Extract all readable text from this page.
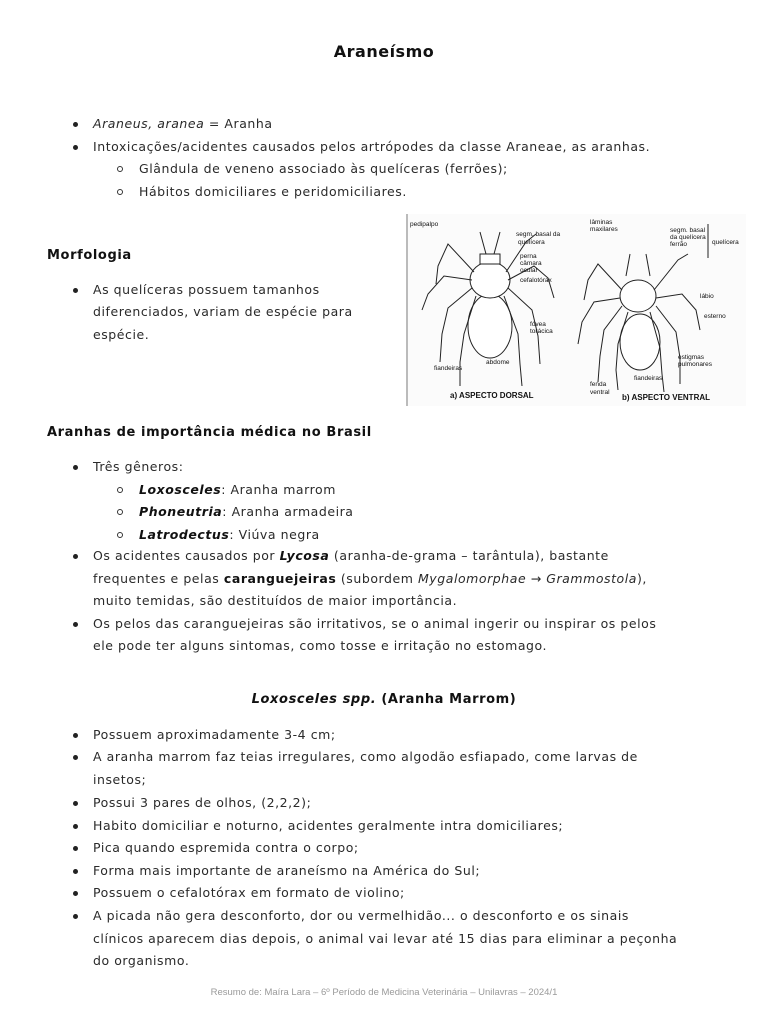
Araneísmo
Araneus, aranea = Aranha
Intoxicações/acidentes causados pelos artrópodes da classe Araneae, as aranhas.
Glândula de veneno associado às quelíceras (ferrões);
Hábitos domiciliares e peridomiciliares.
Morfologia
As quelíceras possuem tamanhos
diferenciados, variam de espécie para
espécie.
pedipalpo
segm. basal da
quelícera
perna
câmara
ocular
cefalotórax
fóvea
torácica
abdome
fiandeiras
lâminas
maxilares	segm. basal
da quelícera
ferrão	quelícera
lábio
esterno
estigmas
pulmonares
fiandeiras
fenda
ventral
a) ASPECTO DORSAL	b) ASPECTO VENTRAL
Aranhas de importância médica no Brasil
Três gêneros:
Loxosceles: Aranha marrom
Phoneutria: Aranha armadeira
Latrodectus: Viúva negra
Os acidentes causados por Lycosa (aranha-de-grama – tarântula), bastante
frequentes e pelas caranguejeiras (subordem Mygalomorphae → Grammostola),
muito temidas, são destituídos de maior importância.
Os pelos das caranguejeiras são irritativos, se o animal ingerir ou inspirar os pelos
ele pode ter alguns sintomas, como tosse e irritação no estomago.
Loxosceles spp. (Aranha Marrom)
Possuem aproximadamente 3-4 cm;
A aranha marrom faz teias irregulares, como algodão esfiapado, come larvas de
insetos;
Possui 3 pares de olhos, (2,2,2);
Habito domiciliar e noturno, acidentes geralmente intra domiciliares;
Pica quando espremida contra o corpo;
Forma mais importante de araneísmo na América do Sul;
Possuem o cefalotórax em formato de violino;
A picada não gera desconforto, dor ou vermelhidão... o desconforto e os sinais
clínicos aparecem dias depois, o animal vai levar até 15 dias para eliminar a peçonha
do organismo.
Resumo de: Maíra Lara – 6º Período de Medicina Veterinária – Unilavras – 2024/1
